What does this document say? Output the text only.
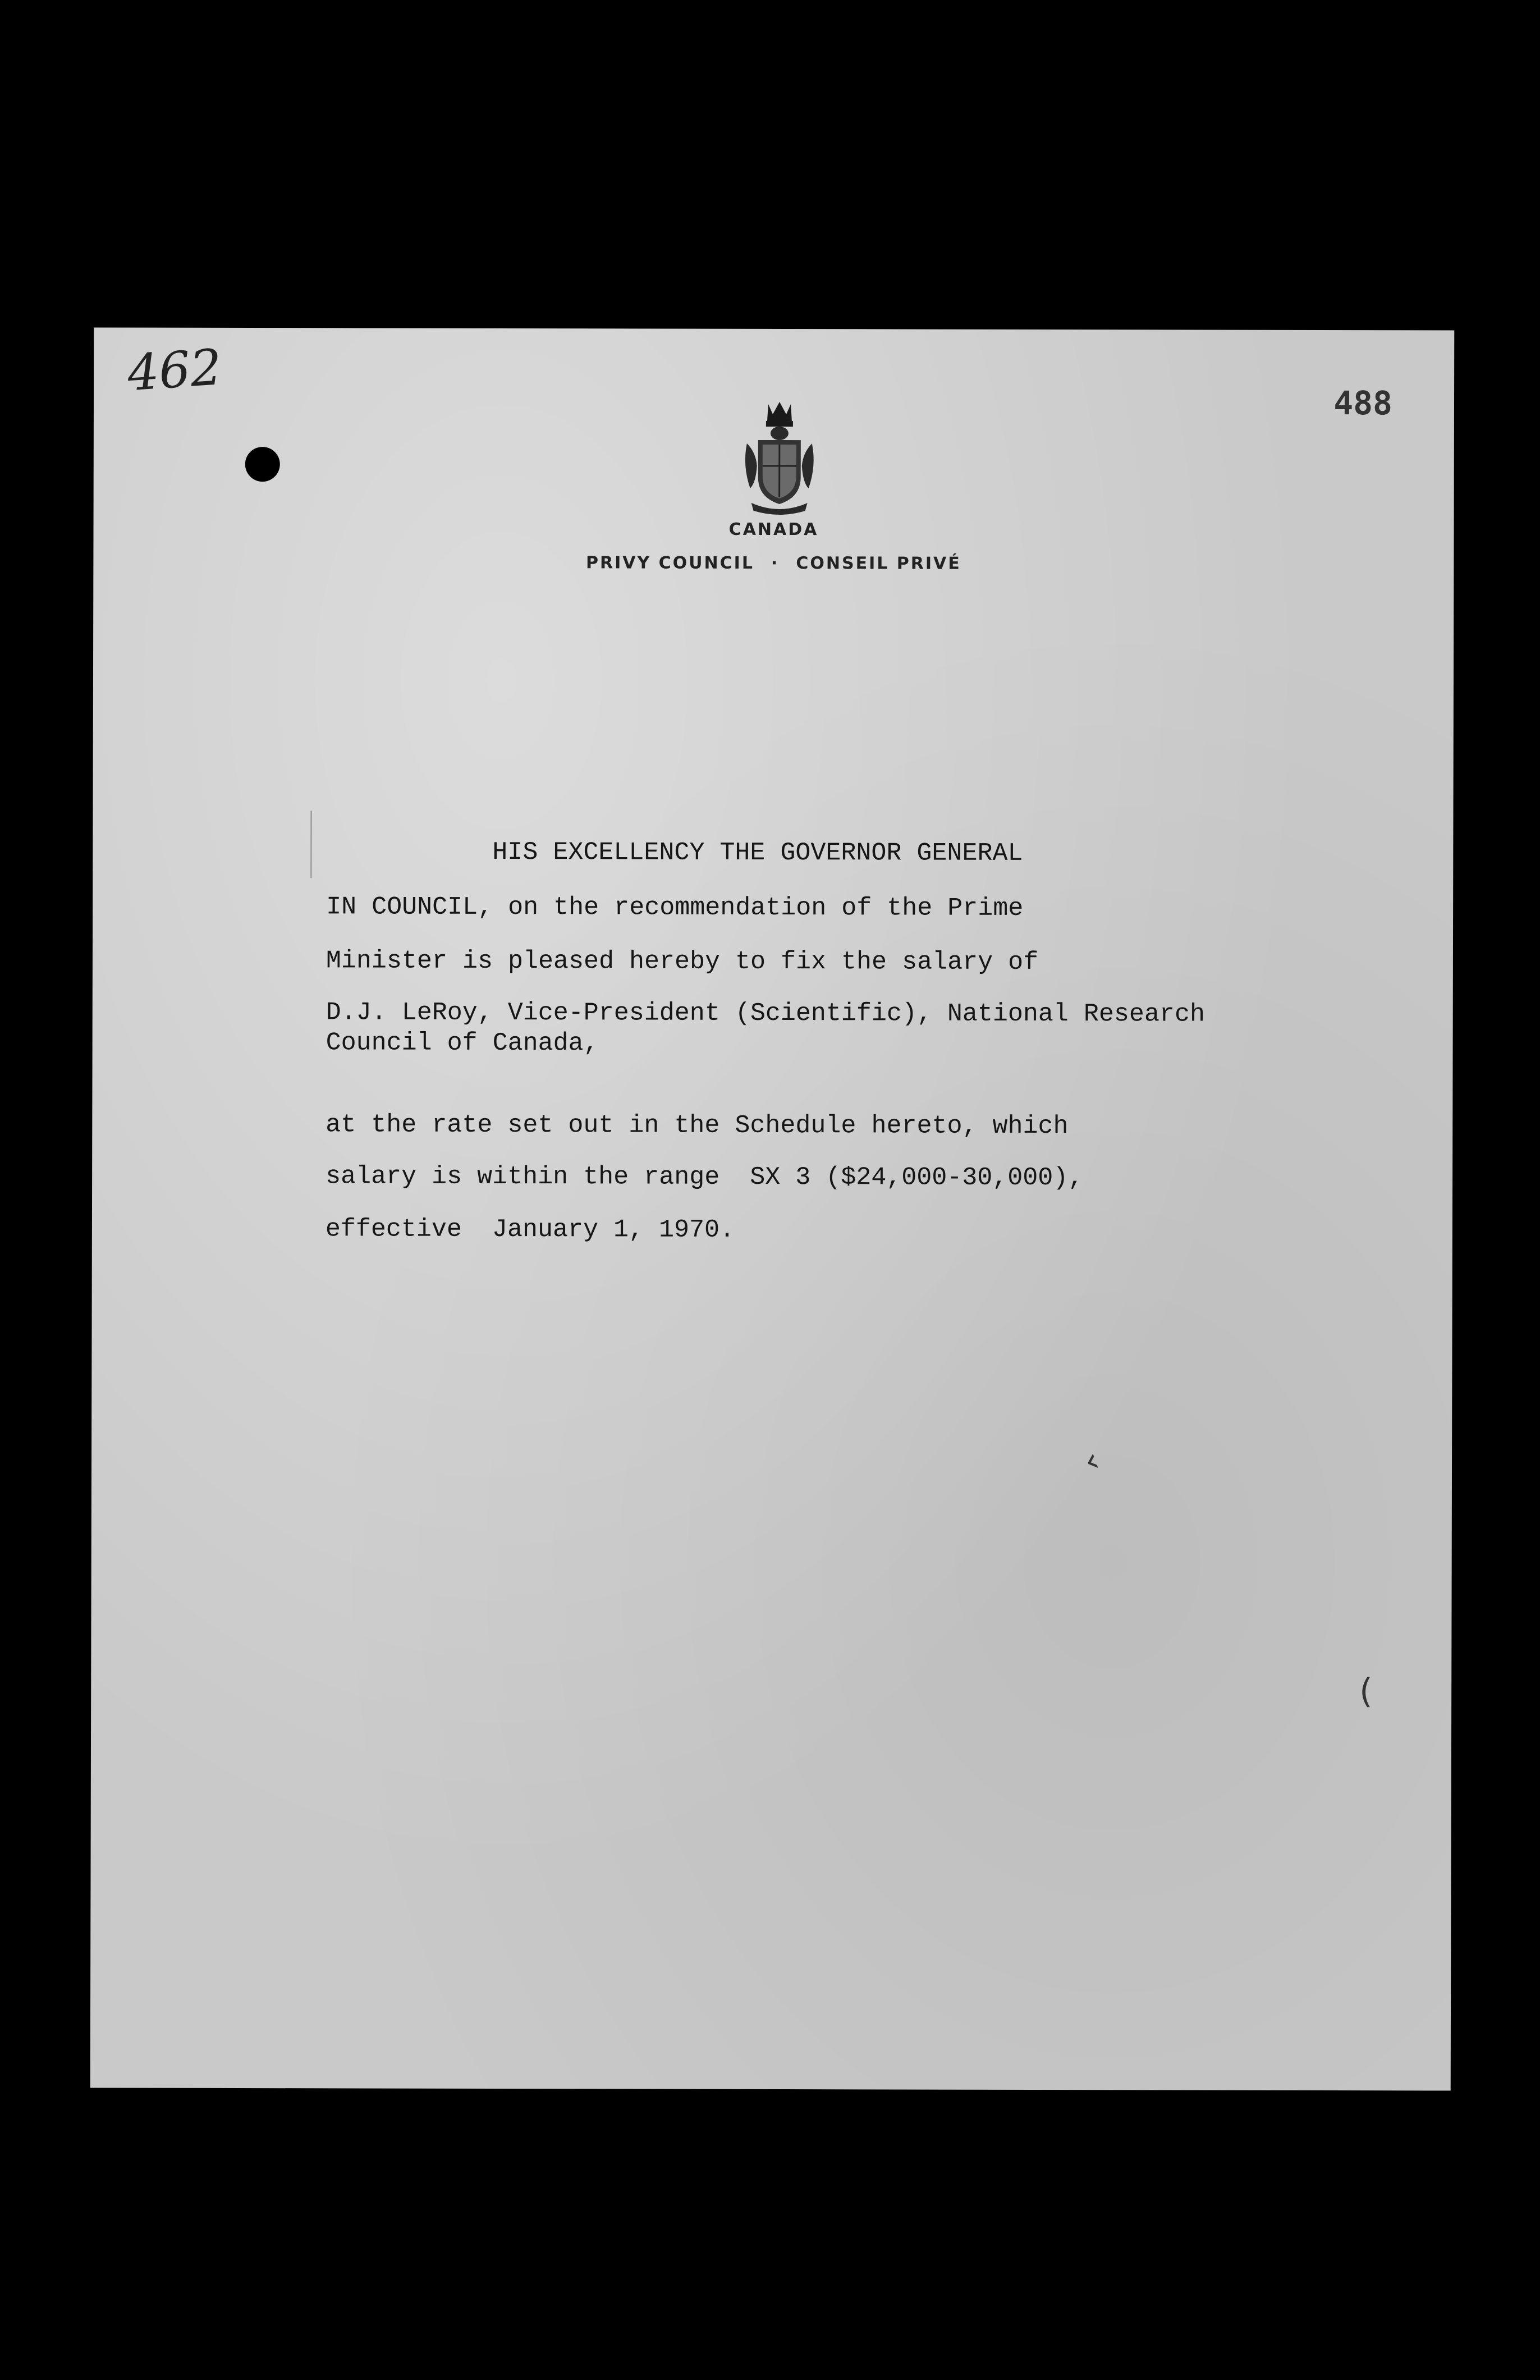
462
488
CANADA
PRIVY COUNCIL · CONSEIL PRIVÉ
HIS EXCELLENCY THE GOVERNOR GENERAL
IN COUNCIL, on the recommendation of the Prime
Minister is pleased hereby to fix the salary of
D.J. LeRoy, Vice-President (Scientific), National Research
Council of Canada,
at the rate set out in the Schedule hereto, which
salary is within the range  SX 3 ($24,000-30,000),
effective  January 1, 1970.
‹
(
